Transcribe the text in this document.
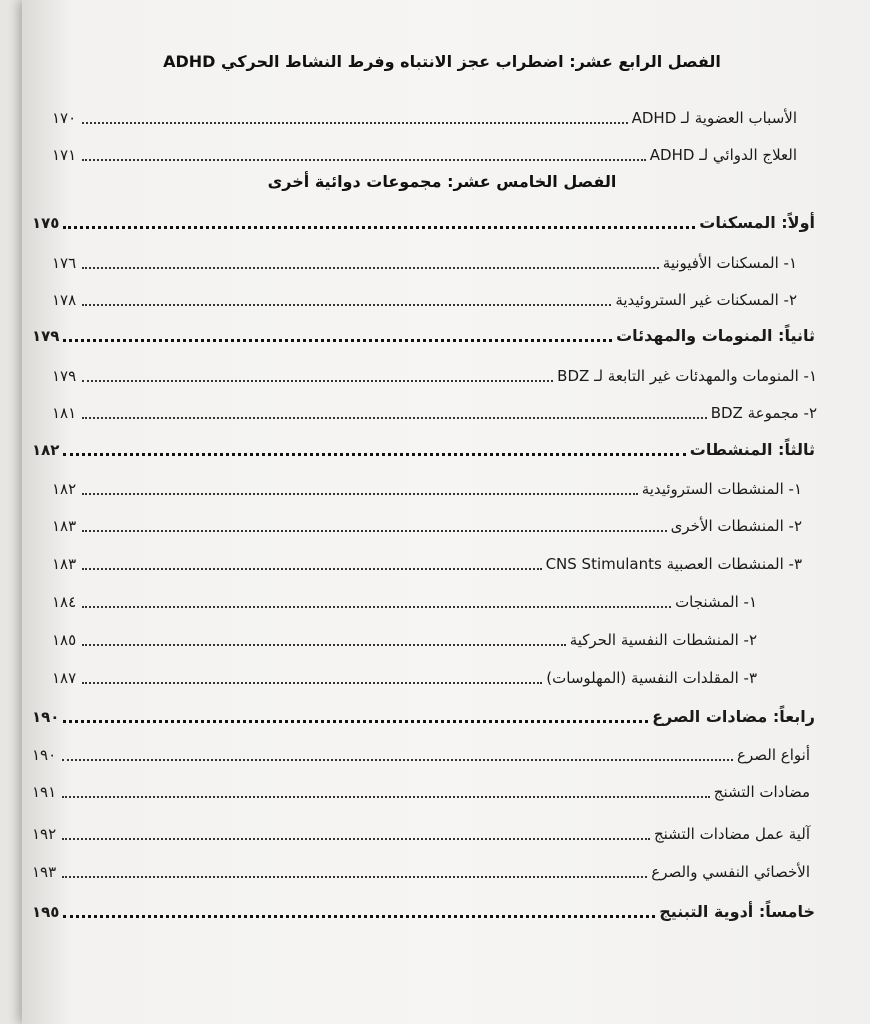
الفصل الرابع عشر: اضطراب عجز الانتباه وفرط النشاط الحركي ADHD
الأسباب العضوية لـ ADHD
١٧٠
العلاج الدوائي لـ ADHD
١٧١
الفصل الخامس عشر: مجموعات دوائية أخرى
أولاً: المسكنات
١٧٥
١- المسكنات الأفيونية
١٧٦
٢- المسكنات غير الستروئيدية
١٧٨
ثانياً: المنومات والمهدئات
١٧٩
١- المنومات والمهدئات غير التابعة لـ BDZ
١٧٩
٢- مجموعة BDZ
١٨١
ثالثاً: المنشطات
١٨٢
١- المنشطات الستروئيدية
١٨٢
٢- المنشطات الأخرى
١٨٣
٣- المنشطات العصبية CNS Stimulants
١٨٣
١- المشنجات
١٨٤
٢- المنشطات النفسية الحركية
١٨٥
٣- المقلدات النفسية (المهلوسات)
١٨٧
رابعاً: مضادات الصرع
١٩٠
أنواع الصرع
١٩٠
مضادات التشنج
١٩١
آلية عمل مضادات التشنج
١٩٢
الأخصائي النفسي والصرع
١٩٣
خامساً: أدوية التبنيج
١٩٥
